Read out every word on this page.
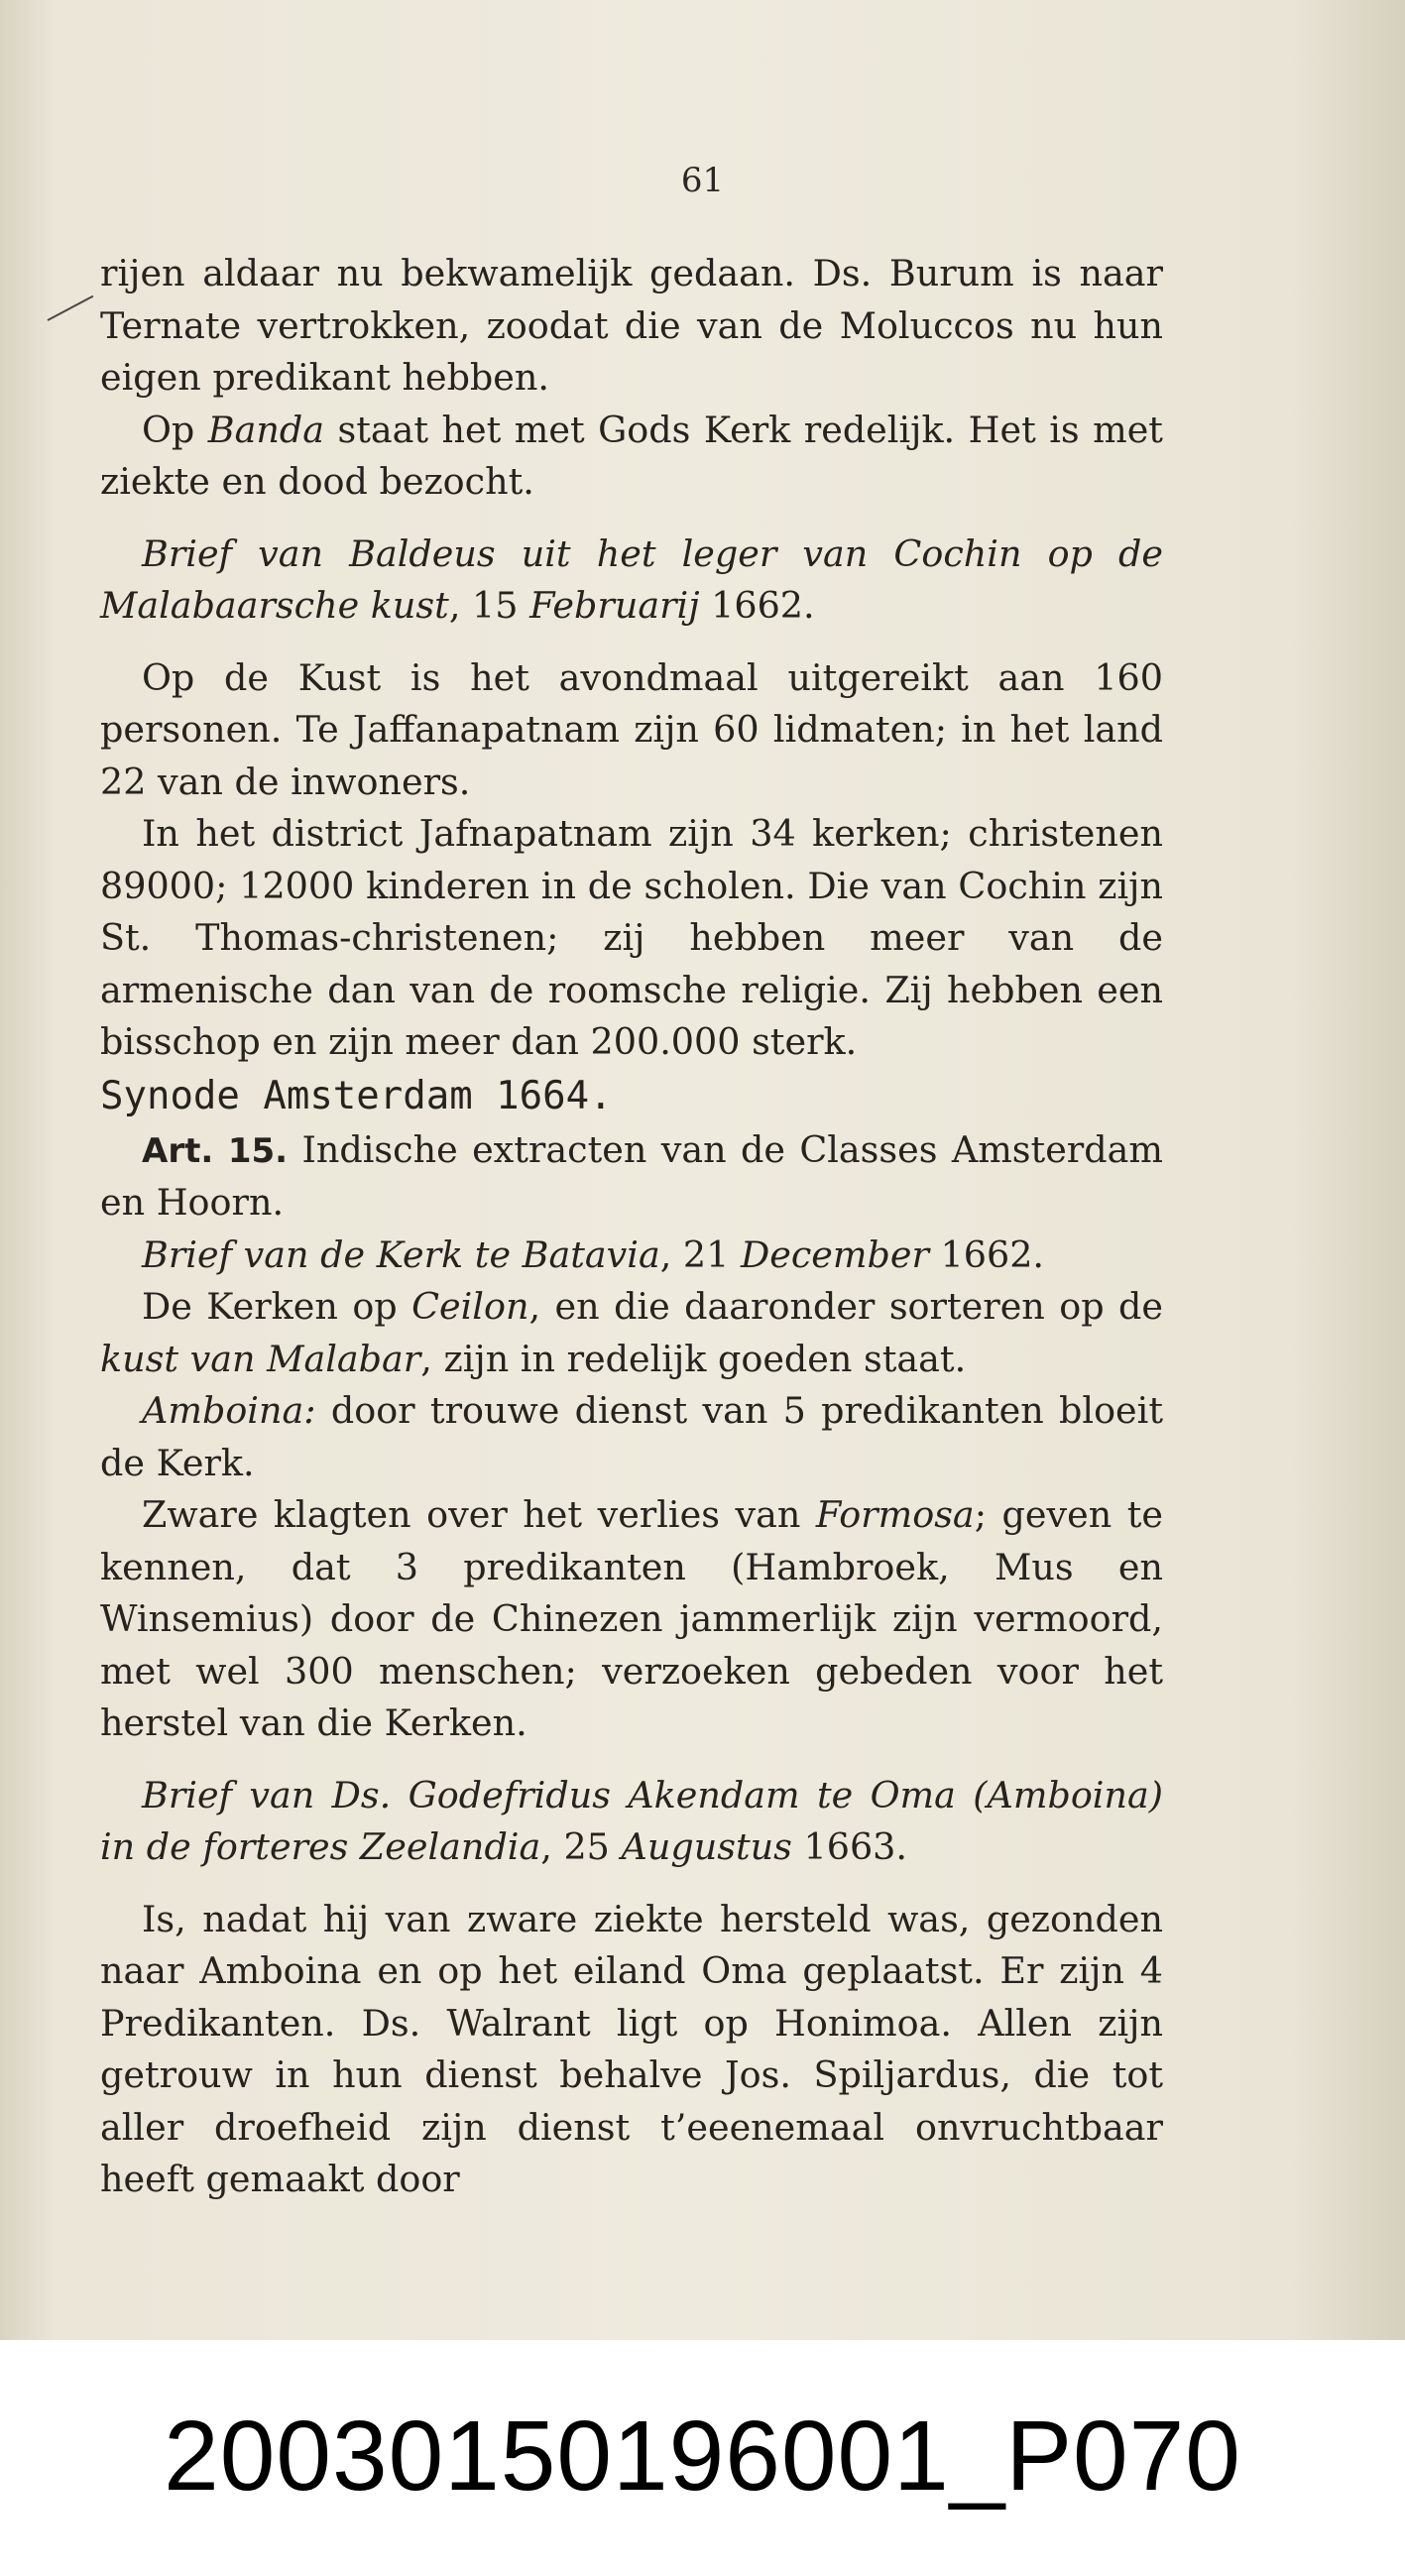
61

rijen aldaar nu bekwamelijk gedaan. Ds. Burum is naar Ternate vertrokken, zoodat die van de Moluccos nu hun eigen predikant hebben.

Op Banda staat het met Gods Kerk redelijk. Het is met ziekte en dood bezocht.

Brief van Baldeus uit het leger van Cochin op de Malabaarsche kust, 15 Februarij 1662.

Op de Kust is het avondmaal uitgereikt aan 160 personen. Te Jaffanapatnam zijn 60 lidmaten; in het land 22 van de inwoners.

In het district Jafnapatnam zijn 34 kerken; christenen 89000; 12000 kinderen in de scholen. Die van Cochin zijn St. Thomas-christenen; zij hebben meer van de armenische dan van de roomsche religie. Zij hebben een bisschop en zijn meer dan 200.000 sterk.

Synode Amsterdam 1664.

Art. 15. Indische extracten van de Classes Amsterdam en Hoorn.

Brief van de Kerk te Batavia, 21 December 1662.

De Kerken op Ceilon, en die daaronder sorteren op de kust van Malabar, zijn in redelijk goeden staat.

Amboina: door trouwe dienst van 5 predikanten bloeit de Kerk.

Zware klagten over het verlies van Formosa; geven te kennen, dat 3 predikanten (Hambroek, Mus en Winsemius) door de Chinezen jammerlijk zijn vermoord, met wel 300 menschen; verzoeken gebeden voor het herstel van die Kerken.

Brief van Ds. Godefridus Akendam te Oma (Amboina) in de forteres Zeelandia, 25 Augustus 1663.

Is, nadat hij van zware ziekte hersteld was, gezonden naar Amboina en op het eiland Oma geplaatst. Er zijn 4 Predikanten. Ds. Walrant ligt op Honimoa. Allen zijn getrouw in hun dienst behalve Jos. Spiljardus, die tot aller droefheid zijn dienst t’eeenemaal onvruchtbaar heeft gemaakt door

20030150196001_P070
